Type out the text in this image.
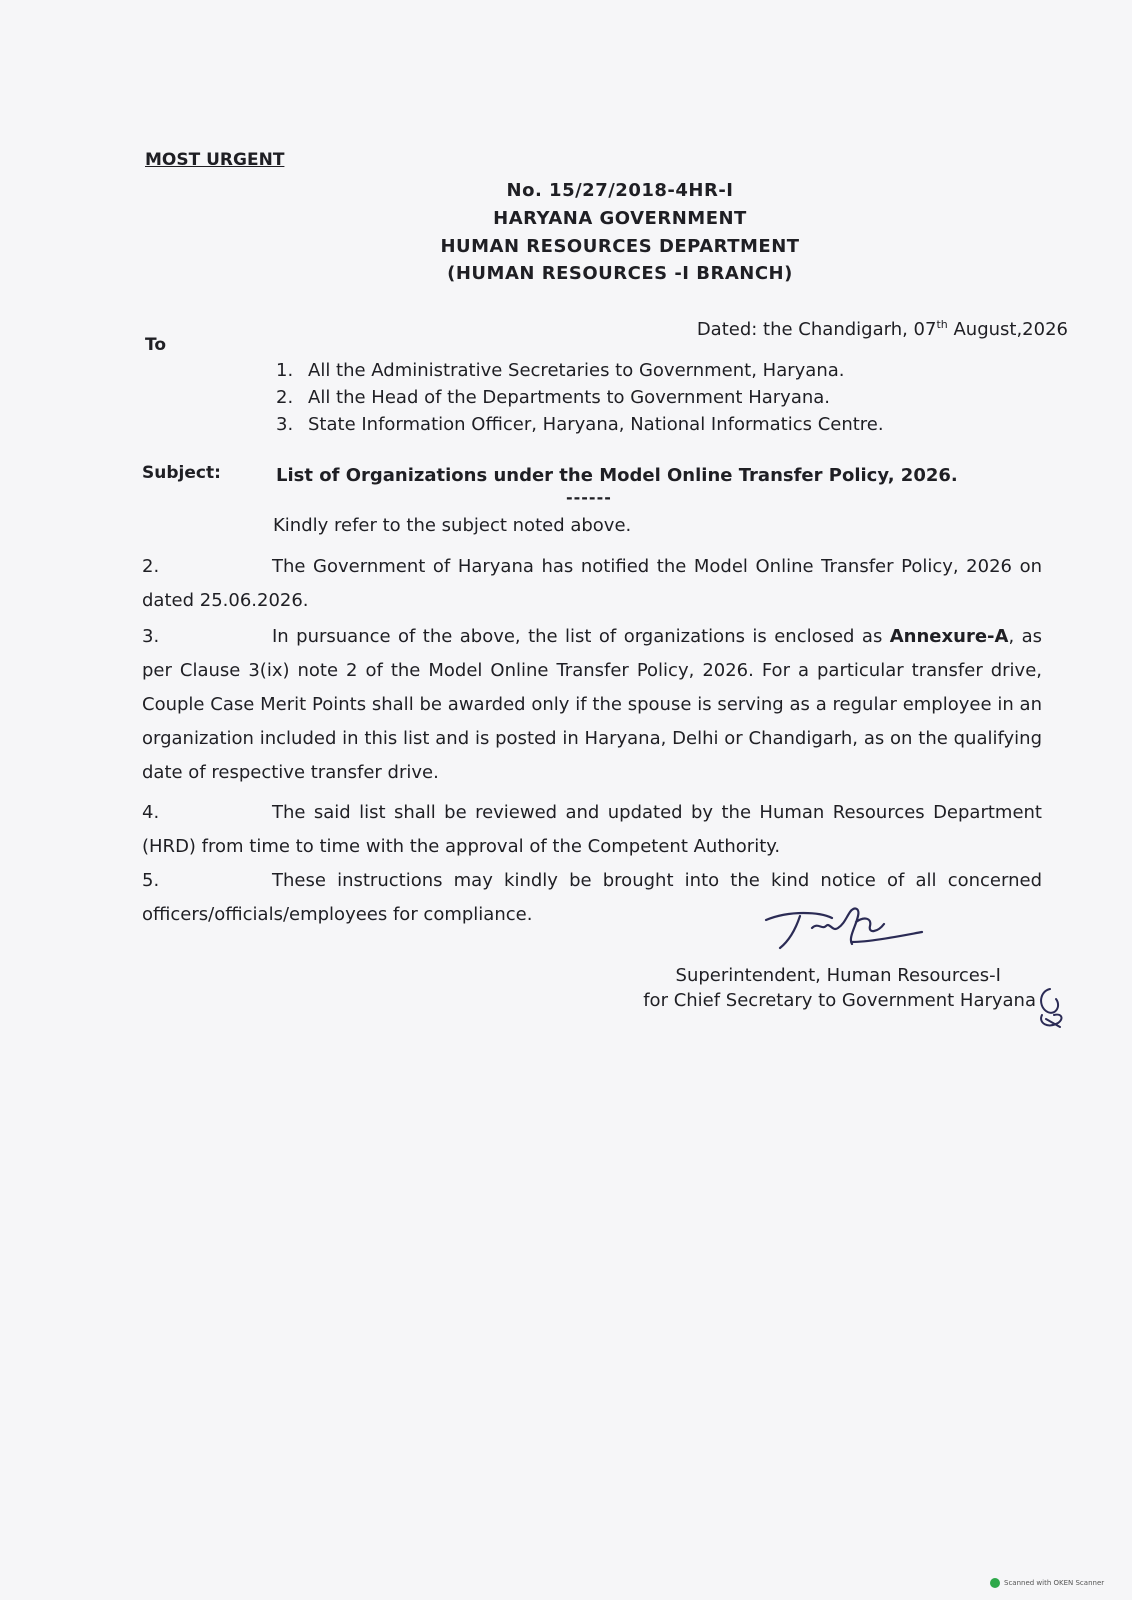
MOST URGENT
No. 15/27/2018-4HR-I
HARYANA GOVERNMENT
HUMAN RESOURCES DEPARTMENT
(HUMAN RESOURCES -I BRANCH)
Dated: the Chandigarh, 07th August,2026
To
1. All the Administrative Secretaries to Government, Haryana.
2. All the Head of the Departments to Government Haryana.
3. State Information Officer, Haryana, National Informatics Centre.
Subject:	List of Organizations under the Model Online Transfer Policy, 2026.
------
Kindly refer to the subject noted above.
2.	The Government of Haryana has notified the Model Online Transfer Policy, 2026 on dated 25.06.2026.
3.	In pursuance of the above, the list of organizations is enclosed as Annexure-A, as per Clause 3(ix) note 2 of the Model Online Transfer Policy, 2026. For a particular transfer drive, Couple Case Merit Points shall be awarded only if the spouse is serving as a regular employee in an organization included in this list and is posted in Haryana, Delhi or Chandigarh, as on the qualifying date of respective transfer drive.
4.	The said list shall be reviewed and updated by the Human Resources Department (HRD) from time to time with the approval of the Competent Authority.
5.	These instructions may kindly be brought into the kind notice of all concerned officers/officials/employees for compliance.
Superintendent, Human Resources-I
for Chief Secretary to Government Haryana
Scanned with OKEN Scanner
